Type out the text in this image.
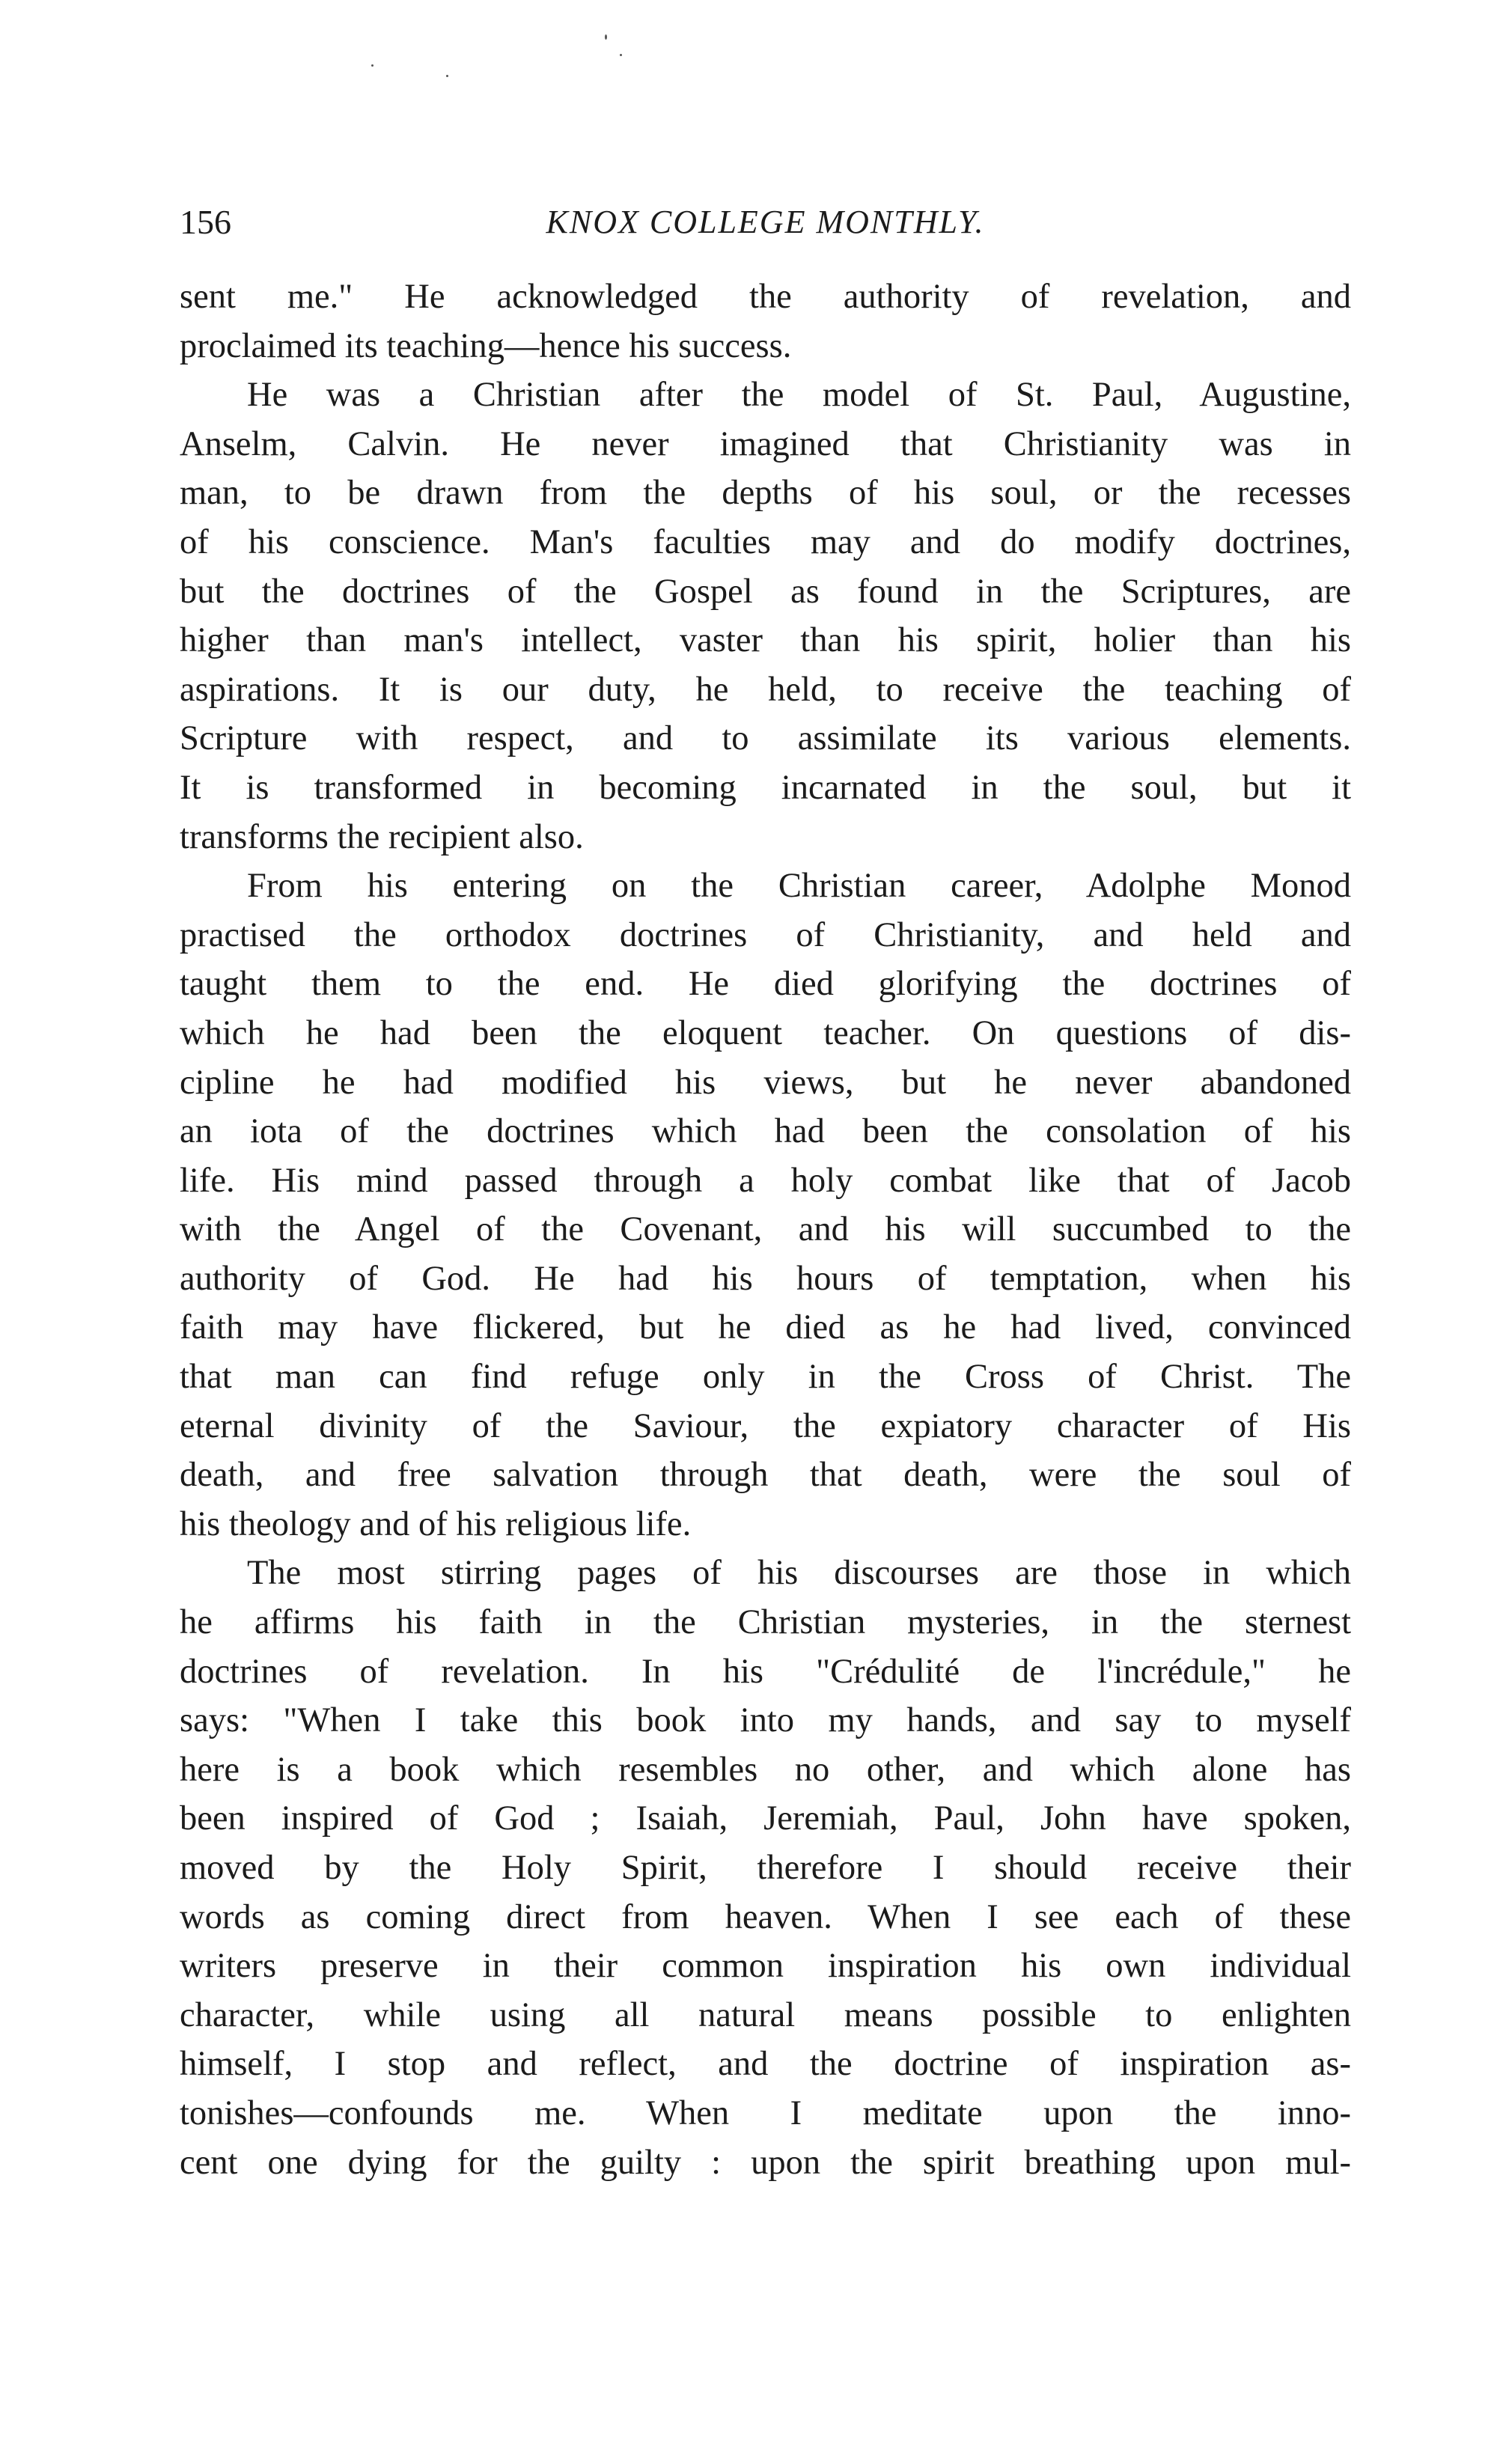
156	KNOX COLLEGE MONTHLY.

sent me." He acknowledged the authority of revelation, and
proclaimed its teaching—hence his success.

He was a Christian after the model of St. Paul, Augustine,
Anselm, Calvin. He never imagined that Christianity was in
man, to be drawn from the depths of his soul, or the recesses
of his conscience. Man's faculties may and do modify doctrines,
but the doctrines of the Gospel as found in the Scriptures, are
higher than man's intellect, vaster than his spirit, holier than his
aspirations. It is our duty, he held, to receive the teaching of
Scripture with respect, and to assimilate its various elements.
It is transformed in becoming incarnated in the soul, but it
transforms the recipient also.

From his entering on the Christian career, Adolphe Monod
practised the orthodox doctrines of Christianity, and held and
taught them to the end. He died glorifying the doctrines of
which he had been the eloquent teacher. On questions of dis-
cipline he had modified his views, but he never abandoned
an iota of the doctrines which had been the consolation of his
life. His mind passed through a holy combat like that of Jacob
with the Angel of the Covenant, and his will succumbed to the
authority of God. He had his hours of temptation, when his
faith may have flickered, but he died as he had lived, convinced
that man can find refuge only in the Cross of Christ. The
eternal divinity of the Saviour, the expiatory character of His
death, and free salvation through that death, were the soul of
his theology and of his religious life.

The most stirring pages of his discourses are those in which
he affirms his faith in the Christian mysteries, in the sternest
doctrines of revelation. In his "Crédulité de l'incrédule," he
says: "When I take this book into my hands, and say to myself
here is a book which resembles no other, and which alone has
been inspired of God ; Isaiah, Jeremiah, Paul, John have spoken,
moved by the Holy Spirit, therefore I should receive their
words as coming direct from heaven. When I see each of these
writers preserve in their common inspiration his own individual
character, while using all natural means possible to enlighten
himself, I stop and reflect, and the doctrine of inspiration as-
tonishes—confounds me. When I meditate upon the inno-
cent one dying for the guilty : upon the spirit breathing upon mul-
